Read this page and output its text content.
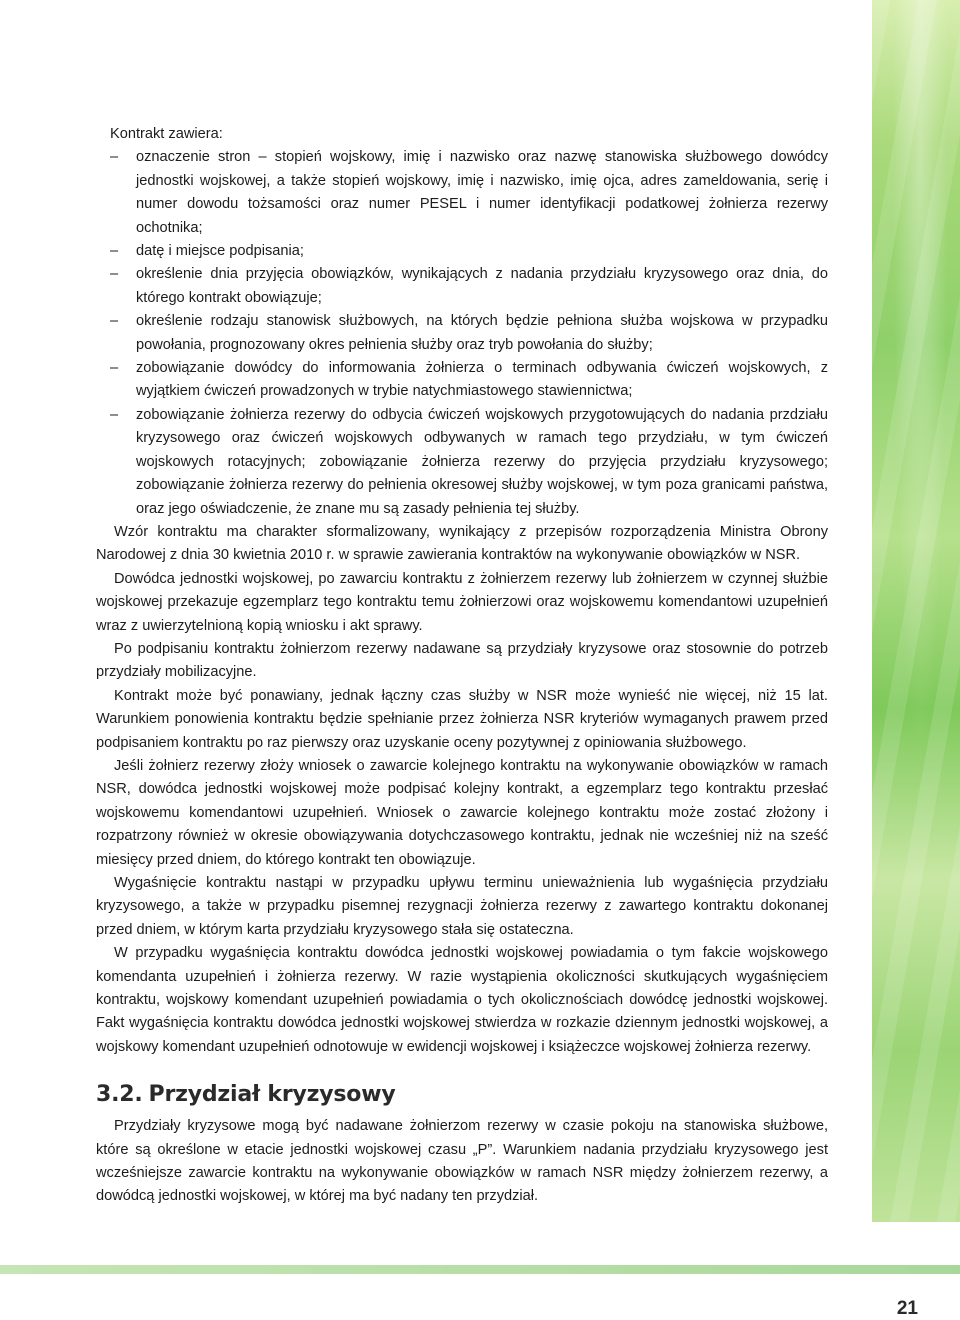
Kontrakt zawiera:

– oznaczenie stron – stopień wojskowy, imię i nazwisko oraz nazwę stanowiska służbowego dowódcy jednostki wojskowej, a także stopień wojskowy, imię i nazwisko, imię ojca, adres zameldowania, serię i numer dowodu tożsamości oraz numer PESEL i numer identyfikacji podatkowej żołnierza rezerwy ochotnika;
– datę i miejsce podpisania;
– określenie dnia przyjęcia obowiązków, wynikających z nadania przydziału kryzysowego oraz dnia, do którego kontrakt obowiązuje;
– określenie rodzaju stanowisk służbowych, na których będzie pełniona służba wojskowa w przypadku powołania, prognozowany okres pełnienia służby oraz tryb powołania do służby;
– zobowiązanie dowódcy do informowania żołnierza o terminach odbywania ćwiczeń wojskowych, z wyjątkiem ćwiczeń prowadzonych w trybie natychmiastowego stawiennictwa;
– zobowiązanie żołnierza rezerwy do odbycia ćwiczeń wojskowych przygotowujących do nadania przdziału kryzysowego oraz ćwiczeń wojskowych odbywanych w ramach tego przydziału, w tym ćwiczeń wojskowych rotacyjnych; zobowiązanie żołnierza rezerwy do przyjęcia przydziału kryzysowego; zobowiązanie żołnierza rezerwy do pełnienia okresowej służby wojskowej, w tym poza granicami państwa, oraz jego oświadczenie, że znane mu są zasady pełnienia tej służby.

Wzór kontraktu ma charakter sformalizowany, wynikający z przepisów rozporządzenia Ministra Obrony Narodowej z dnia 30 kwietnia 2010 r. w sprawie zawierania kontraktów na wykonywanie obowiązków w NSR.

Dowódca jednostki wojskowej, po zawarciu kontraktu z żołnierzem rezerwy lub żołnierzem w czynnej służbie wojskowej przekazuje egzemplarz tego kontraktu temu żołnierzowi oraz wojskowemu komendantowi uzupełnień wraz z uwierzytelnioną kopią wniosku i akt sprawy.

Po podpisaniu kontraktu żołnierzom rezerwy nadawane są przydziały kryzysowe oraz stosownie do potrzeb przydziały mobilizacyjne.

Kontrakt może być ponawiany, jednak łączny czas służby w NSR może wynieść nie więcej, niż 15 lat. Warunkiem ponowienia kontraktu będzie spełnianie przez żołnierza NSR kryteriów wymaganych prawem przed podpisaniem kontraktu po raz pierwszy oraz uzyskanie oceny pozytywnej z opiniowania służbowego.

Jeśli żołnierz rezerwy złoży wniosek o zawarcie kolejnego kontraktu na wykonywanie obowiązków w ramach NSR, dowódca jednostki wojskowej może podpisać kolejny kontrakt, a egzemplarz tego kontraktu przesłać wojskowemu komendantowi uzupełnień. Wniosek o zawarcie kolejnego kontraktu może zostać złożony i rozpatrzony również w okresie obowiązywania dotychczasowego kontraktu, jednak nie wcześniej niż na sześć miesięcy przed dniem, do którego kontrakt ten obowiązuje.

Wygaśnięcie kontraktu nastąpi w przypadku upływu terminu unieważnienia lub wygaśnięcia przydziału kryzysowego, a także w przypadku pisemnej rezygnacji żołnierza rezerwy z zawartego kontraktu dokonanej przed dniem, w którym karta przydziału kryzysowego stała się ostateczna.

W przypadku wygaśnięcia kontraktu dowódca jednostki wojskowej powiadamia o tym fakcie wojskowego komendanta uzupełnień i żołnierza rezerwy. W razie wystąpienia okoliczności skutkujących wygaśnięciem kontraktu, wojskowy komendant uzupełnień powiadamia o tych okolicznościach dowódcę jednostki wojskowej. Fakt wygaśnięcia kontraktu dowódca jednostki wojskowej stwierdza w rozkazie dziennym jednostki wojskowej, a wojskowy komendant uzupełnień odnotowuje w ewidencji wojskowej i książeczce wojskowej żołnierza rezerwy.

3.2. Przydział kryzysowy

Przydziały kryzysowe mogą być nadawane żołnierzom rezerwy w czasie pokoju na stanowiska służbowe, które są określone w etacie jednostki wojskowej czasu „P”. Warunkiem nadania przydziału kryzysowego jest wcześniejsze zawarcie kontraktu na wykonywanie obowiązków w ramach NSR między żołnierzem rezerwy, a dowódcą jednostki wojskowej, w której ma być nadany ten przydział.

21
